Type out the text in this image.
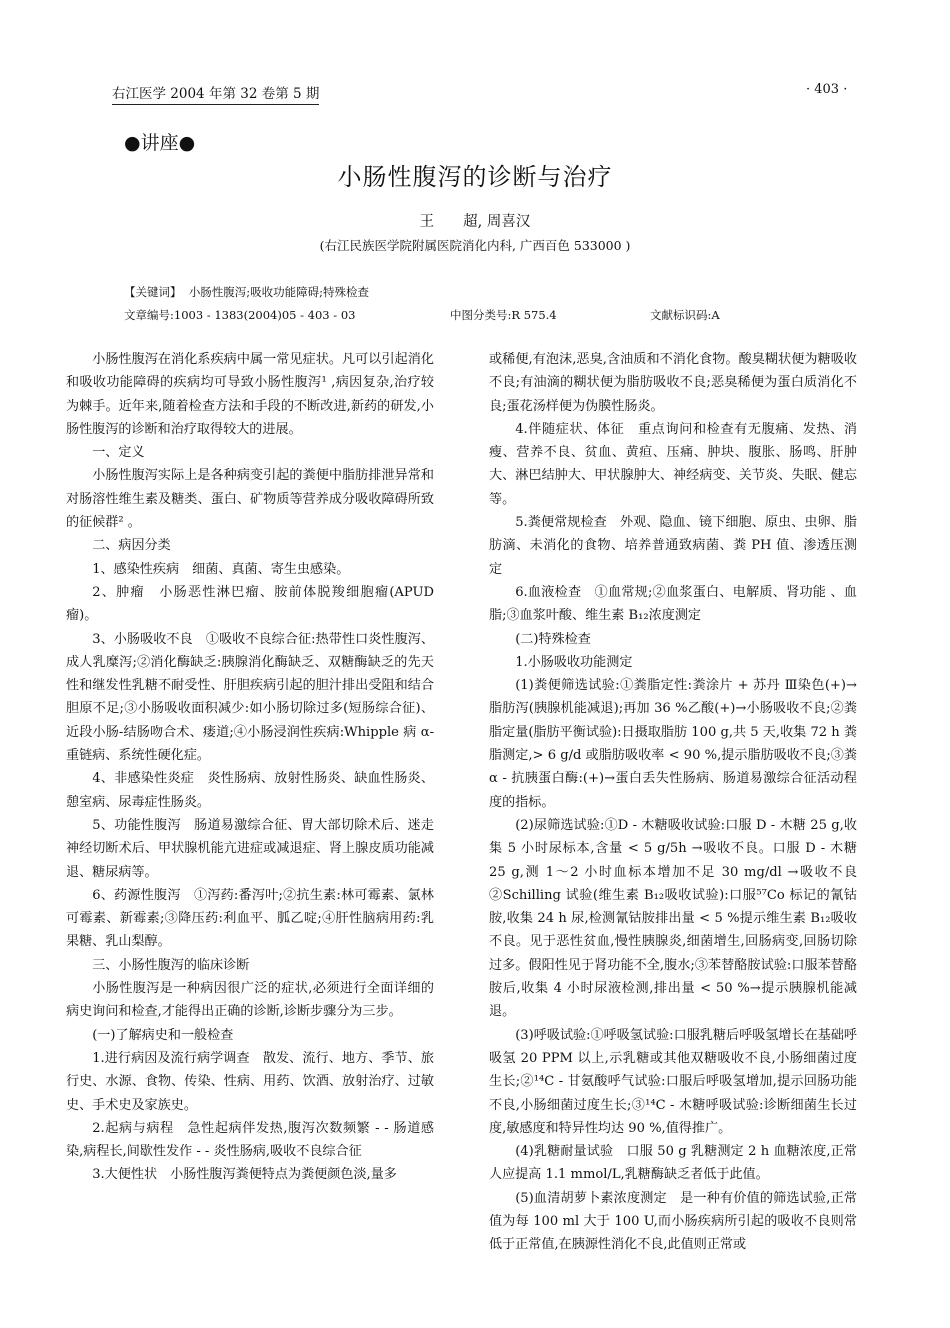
右江医学 2004 年第 32 卷第 5 期	· 403 ·
●讲座●
小肠性腹泻的诊断与治疗
王　　超, 周喜汉
(右江民族医学院附属医院消化内科, 广西百色 533000 )
【关键词】 小肠性腹泻;吸收功能障碍;特殊检查
文章编号:1003 - 1383(2004)05 - 403 - 03	中图分类号:R 575.4	文献标识码:A

小肠性腹泻在消化系疾病中属一常见症状。凡可以引起消化和吸收功能障碍的疾病均可导致小肠性腹泻¹ ,病因复杂,治疗较为棘手。近年来,随着检查方法和手段的不断改进,新药的研发,小肠性腹泻的诊断和治疗取得较大的进展。

一、定义

小肠性腹泻实际上是各种病变引起的粪便中脂肪排泄异常和对肠溶性维生素及糖类、蛋白、矿物质等营养成分吸收障碍所致的征候群² 。

二、病因分类

1、感染性疾病　细菌、真菌、寄生虫感染。

2、肿瘤　小肠恶性淋巴瘤、胺前体脱羧细胞瘤(APUD瘤)。

3、小肠吸收不良　①吸收不良综合征:热带性口炎性腹泻、成人乳糜泻;②消化酶缺乏:胰腺消化酶缺乏、双糖酶缺乏的先天性和继发性乳糖不耐受性、肝胆疾病引起的胆汁排出受阻和结合胆原不足;③小肠吸收面积减少:如小肠切除过多(短肠综合征)、近段小肠-结肠吻合术、瘘道;④小肠浸润性疾病:Whipple 病 α-重链病、系统性硬化症。

4、非感染性炎症　炎性肠病、放射性肠炎、缺血性肠炎、憩室病、尿毒症性肠炎。

5、功能性腹泻　肠道易激综合征、胃大部切除术后、迷走神经切断术后、甲状腺机能亢进症或减退症、肾上腺皮质功能减退、糖尿病等。

6、药源性腹泻　①泻药:番泻叶;②抗生素:林可霉素、氯林可霉素、新霉素;③降压药:利血平、胍乙啶;④肝性脑病用药:乳果糖、乳山梨醇。

三、小肠性腹泻的临床诊断

小肠性腹泻是一种病因很广泛的症状,必须进行全面详细的病史询问和检查,才能得出正确的诊断,诊断步骤分为三步。

(一)了解病史和一般检查

1.进行病因及流行病学调查　散发、流行、地方、季节、旅行史、水源、食物、传染、性病、用药、饮酒、放射治疗、过敏史、手术史及家族史。

2.起病与病程　急性起病伴发热,腹泻次数频繁 - - 肠道感染,病程长,间歇性发作 - - 炎性肠病,吸收不良综合征

3.大便性状　小肠性腹泻粪便特点为粪便颜色淡,量多

或稀便,有泡沫,恶臭,含油质和不消化食物。酸臭糊状便为糖吸收不良;有油滴的糊状便为脂肪吸收不良;恶臭稀便为蛋白质消化不良;蛋花汤样便为伪膜性肠炎。

4.伴随症状、体征　重点询问和检查有无腹痛、发热、消瘦、营养不良、贫血、黄疸、压痛、肿块、腹胀、肠鸣、肝肿大、淋巴结肿大、甲状腺肿大、神经病变、关节炎、失眠、健忘等。

5.粪便常规检查　外观、隐血、镜下细胞、原虫、虫卵、脂肪滴、未消化的食物、培养普通致病菌、粪 PH 值、渗透压测定

6.血液检查　①血常规;②血浆蛋白、电解质、肾功能 、血脂;③血浆叶酸、维生素 B₁₂浓度测定

(二)特殊检查

1.小肠吸收功能测定

(1)粪便筛选试验:①粪脂定性:粪涂片 + 苏丹 Ⅲ染色(+)→脂肪泻(胰腺机能减退);再加 36 %乙酸(+)→小肠吸收不良;②粪脂定量(脂肪平衡试验):日摄取脂肪 100 g,共 5 天,收集 72 h 粪脂测定,> 6 g/d 或脂肪吸收率 < 90 %,提示脂肪吸收不良;③粪α - 抗胰蛋白酶:(+)→蛋白丢失性肠病、肠道易激综合征活动程度的指标。

(2)尿筛选试验:①D - 木糖吸收试验:口服 D - 木糖 25 g,收集 5 小时尿标本,含量 < 5 g/5h →吸收不良。口服 D - 木糖 25 g,测 1～2 小时血标本增加不足 30 mg/dl →吸收不良②Schilling 试验(维生素 B₁₂吸收试验):口服⁵⁷Co 标记的氰钴胺,收集 24 h 尿,检测氰钴胺排出量 < 5 %提示维生素 B₁₂吸收不良。见于恶性贫血,慢性胰腺炎,细菌增生,回肠病变,回肠切除过多。假阳性见于肾功能不全,腹水;③苯替酪胺试验:口服苯替酪胺后,收集 4 小时尿液检测,排出量 < 50 %→提示胰腺机能减退。

(3)呼吸试验:①呼吸氢试验:口服乳糖后呼吸氢增长在基础呼吸氢 20 PPM 以上,示乳糖或其他双糖吸收不良,小肠细菌过度生长;②¹⁴C - 甘氨酸呼气试验:口服后呼吸氢增加,提示回肠功能不良,小肠细菌过度生长;③¹⁴C - 木糖呼吸试验:诊断细菌生长过度,敏感度和特异性均达 90 %,值得推广。

(4)乳糖耐量试验　口服 50 g 乳糖测定 2 h 血糖浓度,正常人应提高 1.1 mmol/L,乳糖酶缺乏者低于此值。

(5)血清胡萝卜素浓度测定　是一种有价值的筛选试验,正常值为每 100 ml 大于 100 U,而小肠疾病所引起的吸收不良则常低于正常值,在胰源性消化不良,此值则正常或
